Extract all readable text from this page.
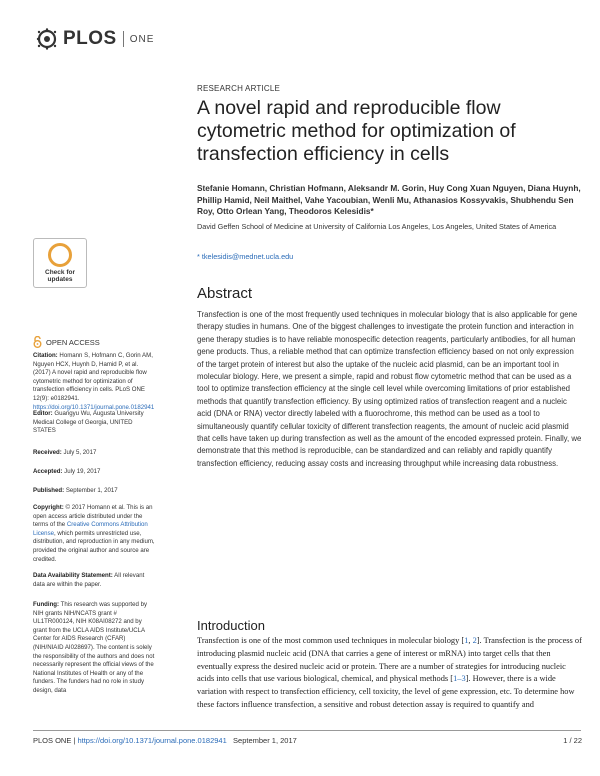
PLOS ONE
RESEARCH ARTICLE
A novel rapid and reproducible flow cytometric method for optimization of transfection efficiency in cells
Stefanie Homann, Christian Hofmann, Aleksandr M. Gorin, Huy Cong Xuan Nguyen, Diana Huynh, Phillip Hamid, Neil Maithel, Vahe Yacoubian, Wenli Mu, Athanasios Kossyvakis, Shubhendu Sen Roy, Otto Orlean Yang, Theodoros Kelesidis*
David Geffen School of Medicine at University of California Los Angeles, Los Angeles, United States of America
* tkelesidis@mednet.ucla.edu
Check for
updates
OPEN ACCESS
Citation: Homann S, Hofmann C, Gorin AM, Nguyen HCX, Huynh D, Hamid P, et al. (2017) A novel rapid and reproducible flow cytometric method for optimization of transfection efficiency in cells. PLoS ONE 12(9): e0182941. https://doi.org/10.1371/journal.pone.0182941
Editor: Guangyu Wu, Augusta University Medical College of Georgia, UNITED STATES
Received: July 5, 2017
Accepted: July 19, 2017
Published: September 1, 2017
Copyright: © 2017 Homann et al. This is an open access article distributed under the terms of the Creative Commons Attribution License, which permits unrestricted use, distribution, and reproduction in any medium, provided the original author and source are credited.
Data Availability Statement: All relevant data are within the paper.
Funding: This research was supported by NIH grants NIH/NCATS grant # UL1TR000124, NIH K08AI08272 and by grant from the UCLA AIDS Institute/UCLA Center for AIDS Research (CFAR) (NIH/NIAID AI028697). The content is solely the responsibility of the authors and does not necessarily represent the official views of the National Institutes of Health or any of the funders. The funders had no role in study design, data
Abstract
Transfection is one of the most frequently used techniques in molecular biology that is also applicable for gene therapy studies in humans. One of the biggest challenges to investigate the protein function and interaction in gene therapy studies is to have reliable monospecific detection reagents, particularly antibodies, for all human gene products. Thus, a reliable method that can optimize transfection efficiency based on not only expression of the target protein of interest but also the uptake of the nucleic acid plasmid, can be an important tool in molecular biology. Here, we present a simple, rapid and robust flow cytometric method that can be used as a tool to optimize transfection efficiency at the single cell level while overcoming limitations of prior established methods that quantify transfection efficiency. By using optimized ratios of transfection reagent and a nucleic acid (DNA or RNA) vector directly labeled with a fluorochrome, this method can be used as a tool to simultaneously quantify cellular toxicity of different transfection reagents, the amount of nucleic acid plasmid that cells have taken up during transfection as well as the amount of the encoded expressed protein. Finally, we demonstrate that this method is reproducible, can be standardized and can reliably and rapidly quantify transfection efficiency, reducing assay costs and increasing throughput while increasing data robustness.
Introduction
Transfection is one of the most common used techniques in molecular biology [1, 2]. Transfection is the process of introducing plasmid nucleic acid (DNA that carries a gene of interest or mRNA) into target cells that then eventually express the desired nucleic acid or protein. There are a number of strategies for introducing nucleic acids into cells that use various biological, chemical, and physical methods [1–3]. However, there is a wide variation with respect to transfection efficiency, cell toxicity, the level of gene expression, etc. To determine how these factors influence transfection, a sensitive and robust detection assay is required to quantify and
PLOS ONE | https://doi.org/10.1371/journal.pone.0182941   September 1, 2017	1 / 22
